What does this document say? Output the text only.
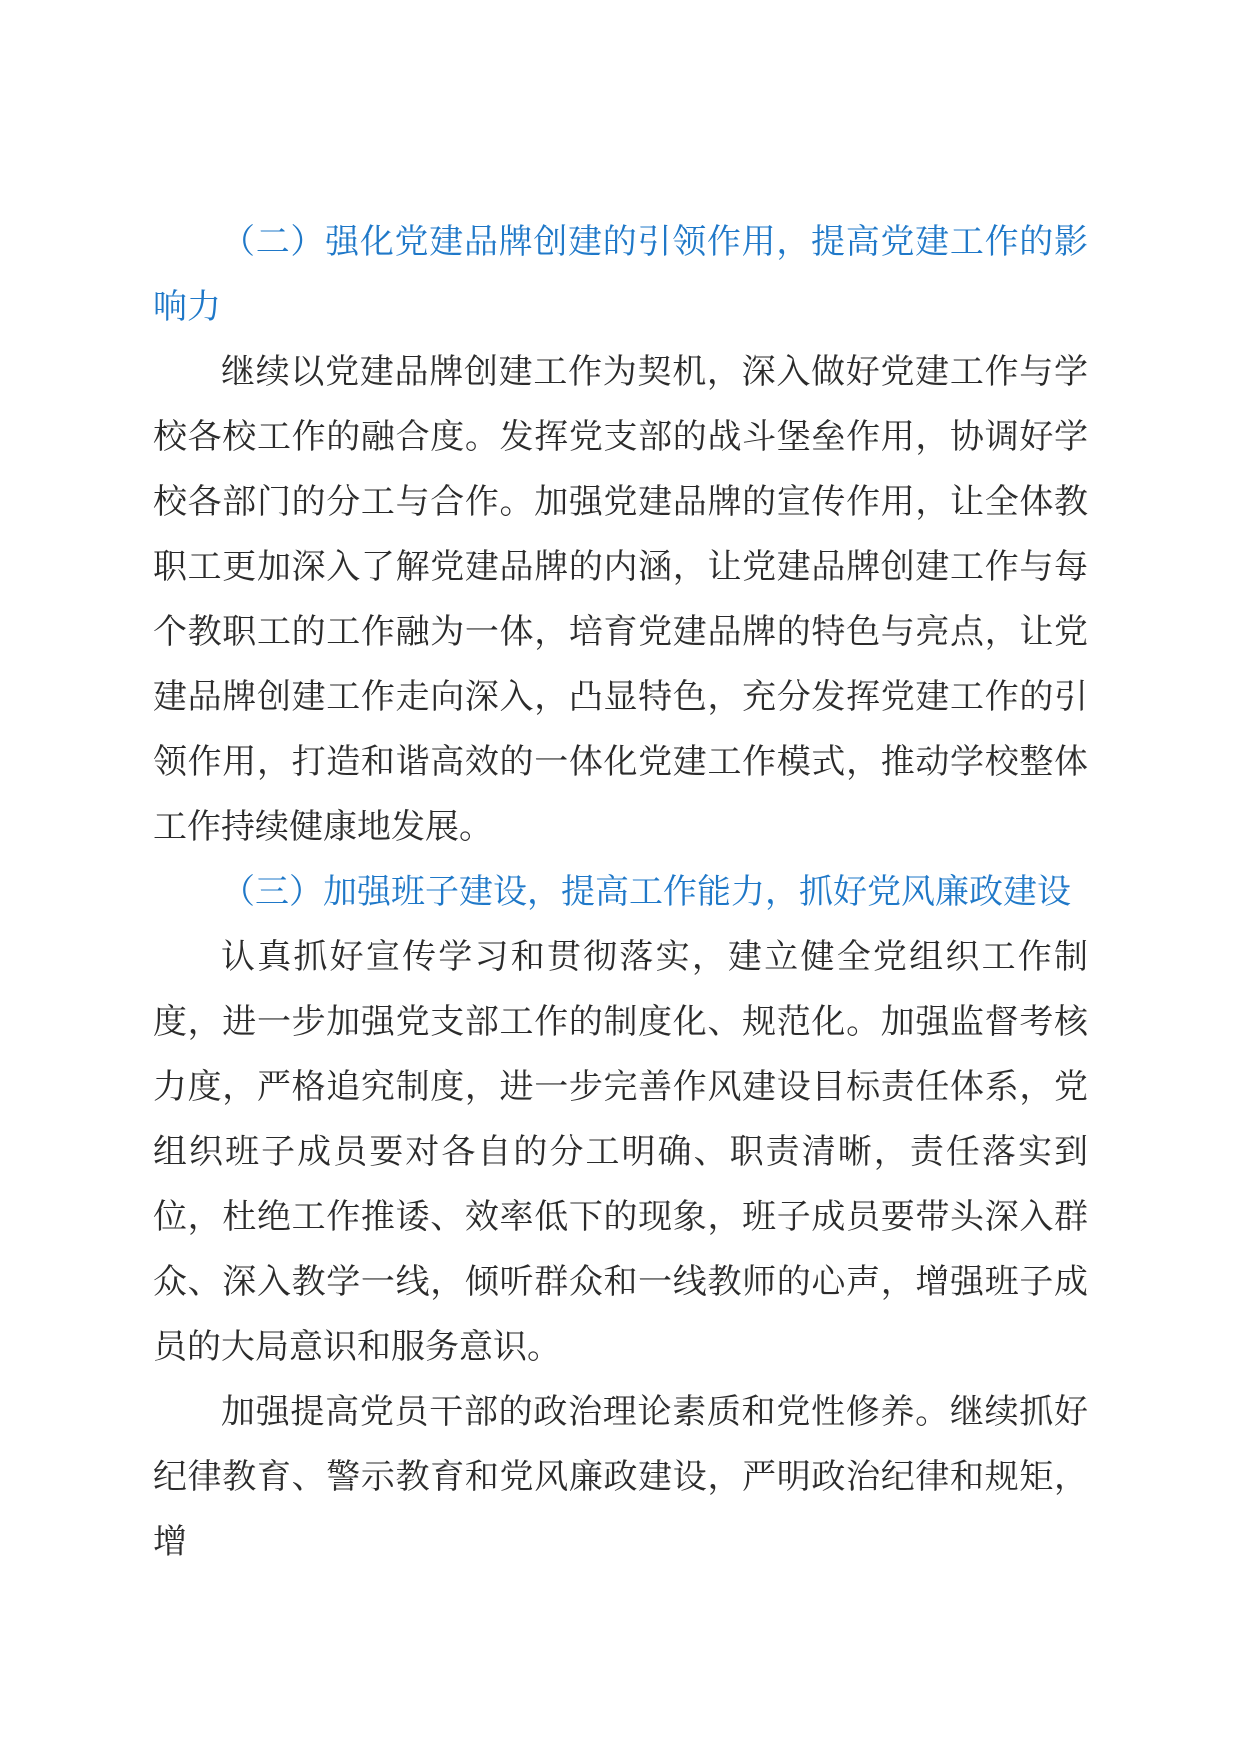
（二）强化党建品牌创建的引领作用，提高党建工作的影响力

继续以党建品牌创建工作为契机，深入做好党建工作与学校各校工作的融合度。发挥党支部的战斗堡垒作用，协调好学校各部门的分工与合作。加强党建品牌的宣传作用，让全体教职工更加深入了解党建品牌的内涵，让党建品牌创建工作与每个教职工的工作融为一体，培育党建品牌的特色与亮点，让党建品牌创建工作走向深入，凸显特色，充分发挥党建工作的引领作用，打造和谐高效的一体化党建工作模式，推动学校整体工作持续健康地发展。

（三）加强班子建设，提高工作能力，抓好党风廉政建设

认真抓好宣传学习和贯彻落实，建立健全党组织工作制度，进一步加强党支部工作的制度化、规范化。加强监督考核力度，严格追究制度，进一步完善作风建设目标责任体系，党组织班子成员要对各自的分工明确、职责清晰，责任落实到位，杜绝工作推诿、效率低下的现象，班子成员要带头深入群众、深入教学一线，倾听群众和一线教师的心声，增强班子成员的大局意识和服务意识。

加强提高党员干部的政治理论素质和党性修养。继续抓好纪律教育、警示教育和党风廉政建设，严明政治纪律和规矩，增
